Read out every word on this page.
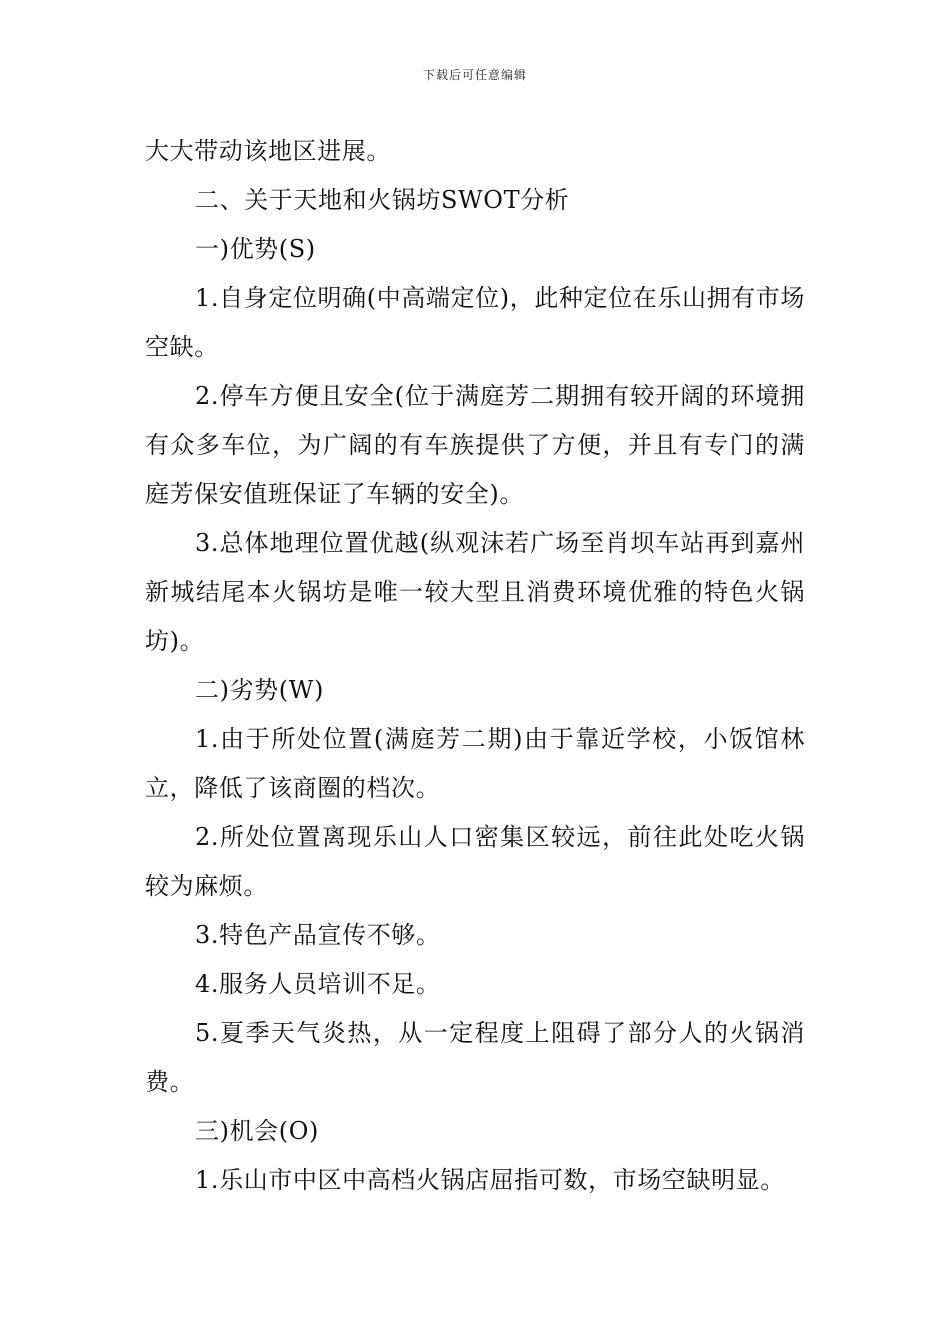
下载后可任意编辑

大大带动该地区进展。

二、关于天地和火锅坊SWOT分析

一)优势(S)

1.自身定位明确(中高端定位)，此种定位在乐山拥有市场空缺。

2.停车方便且安全(位于满庭芳二期拥有较开阔的环境拥有众多车位，为广阔的有车族提供了方便，并且有专门的满庭芳保安值班保证了车辆的安全)。

3.总体地理位置优越(纵观沫若广场至肖坝车站再到嘉州新城结尾本火锅坊是唯一较大型且消费环境优雅的特色火锅坊)。

二)劣势(W)

1.由于所处位置(满庭芳二期)由于靠近学校，小饭馆林立，降低了该商圈的档次。

2.所处位置离现乐山人口密集区较远，前往此处吃火锅较为麻烦。

3.特色产品宣传不够。

4.服务人员培训不足。

5.夏季天气炎热，从一定程度上阻碍了部分人的火锅消费。

三)机会(O)

1.乐山市中区中高档火锅店屈指可数，市场空缺明显。
